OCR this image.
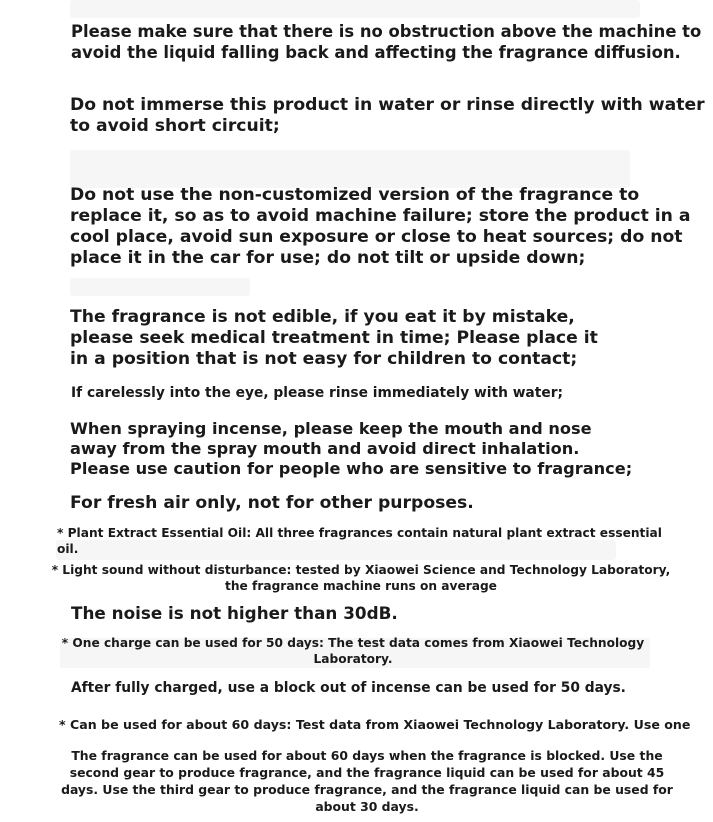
Please make sure that there is no obstruction above the machine to
avoid the liquid falling back and affecting the fragrance diffusion.
Do not immerse this product in water or rinse directly with water
to avoid short circuit;
Do not use the non-customized version of the fragrance to
replace it, so as to avoid machine failure; store the product in a
cool place, avoid sun exposure or close to heat sources; do not
place it in the car for use; do not tilt or upside down;
The fragrance is not edible, if you eat it by mistake,
please seek medical treatment in time; Please place it
in a position that is not easy for children to contact;
If carelessly into the eye, please rinse immediately with water;
When spraying incense, please keep the mouth and nose
away from the spray mouth and avoid direct inhalation.
Please use caution for people who are sensitive to fragrance;
For fresh air only, not for other purposes.
* Plant Extract Essential Oil: All three fragrances contain natural plant extract essential
oil.
* Light sound without disturbance: tested by Xiaowei Science and Technology Laboratory,
the fragrance machine runs on average
The noise is not higher than 30dB.
* One charge can be used for 50 days: The test data comes from Xiaowei Technology
Laboratory.
After fully charged, use a block out of incense can be used for 50 days.
* Can be used for about 60 days: Test data from Xiaowei Technology Laboratory. Use one
The fragrance can be used for about 60 days when the fragrance is blocked. Use the
second gear to produce fragrance, and the fragrance liquid can be used for about 45
days. Use the third gear to produce fragrance, and the fragrance liquid can be used for
about 30 days.
